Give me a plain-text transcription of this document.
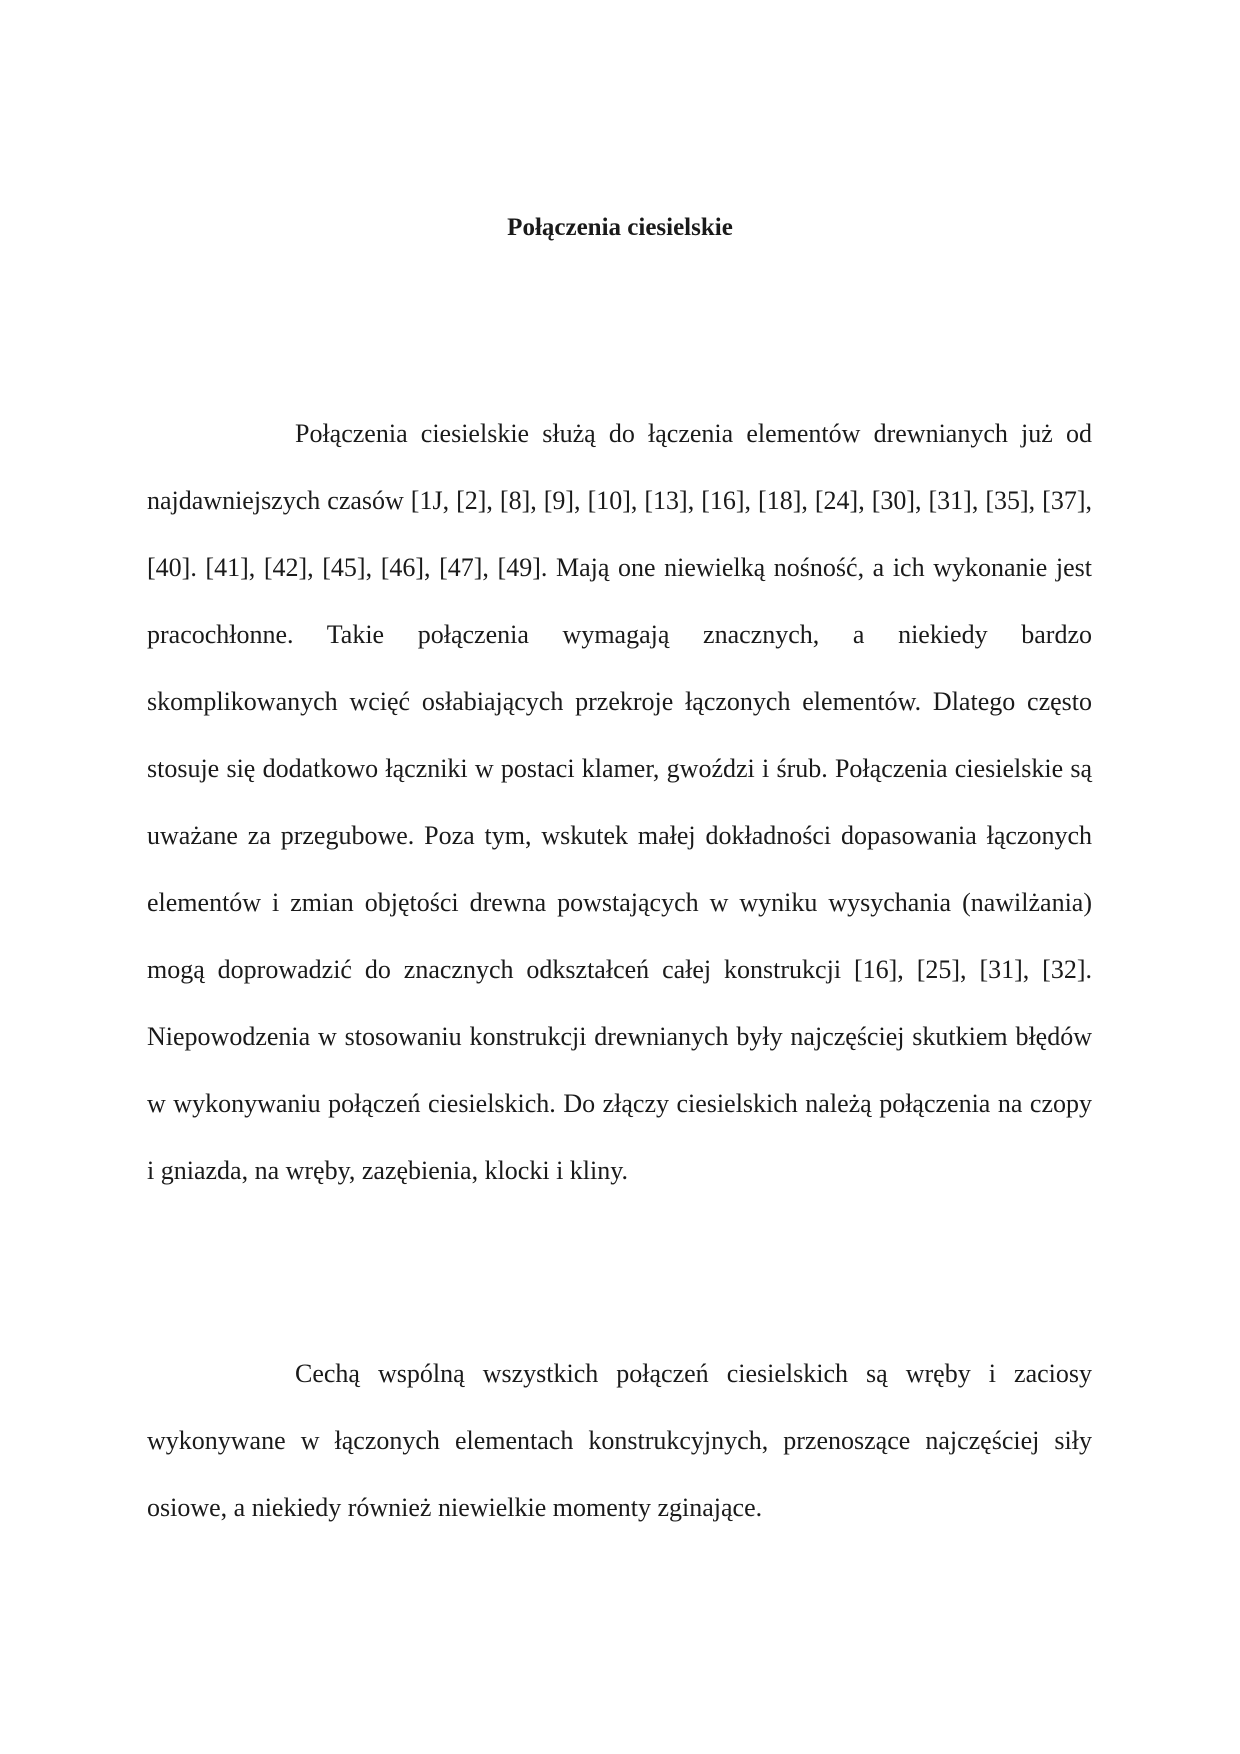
Połączenia ciesielskie

Połączenia ciesielskie służą do łączenia elementów drewnianych już od najdawniejszych czasów [1J, [2], [8], [9], [10], [13], [16], [18], [24], [30], [31], [35], [37], [40]. [41], [42], [45], [46], [47], [49]. Mają one niewielką nośność, a ich wykonanie jest pracochłonne. Takie połączenia wymagają znacznych, a niekiedy bardzo skomplikowanych wcięć osłabiających przekroje łączonych elementów. Dlatego często stosuje się dodatkowo łączniki w postaci klamer, gwoździ i śrub. Połączenia ciesielskie są uważane za przegubowe. Poza tym, wskutek małej dokładności dopasowania łączonych elementów i zmian objętości drewna powstających w wyniku wysychania (nawilżania) mogą doprowadzić do znacznych odkształceń całej konstrukcji [16], [25], [31], [32]. Niepowodzenia w stosowaniu konstrukcji drewnianych były najczęściej skutkiem błędów w wykonywaniu połączeń ciesielskich. Do złączy ciesielskich należą połączenia na czopy i gniazda, na wręby, zazębienia, klocki i kliny.

Cechą wspólną wszystkich połączeń ciesielskich są wręby i zaciosy wykonywane w łączonych elementach konstrukcyjnych, przenoszące najczęściej siły osiowe, a niekiedy również niewielkie momenty zginające.
